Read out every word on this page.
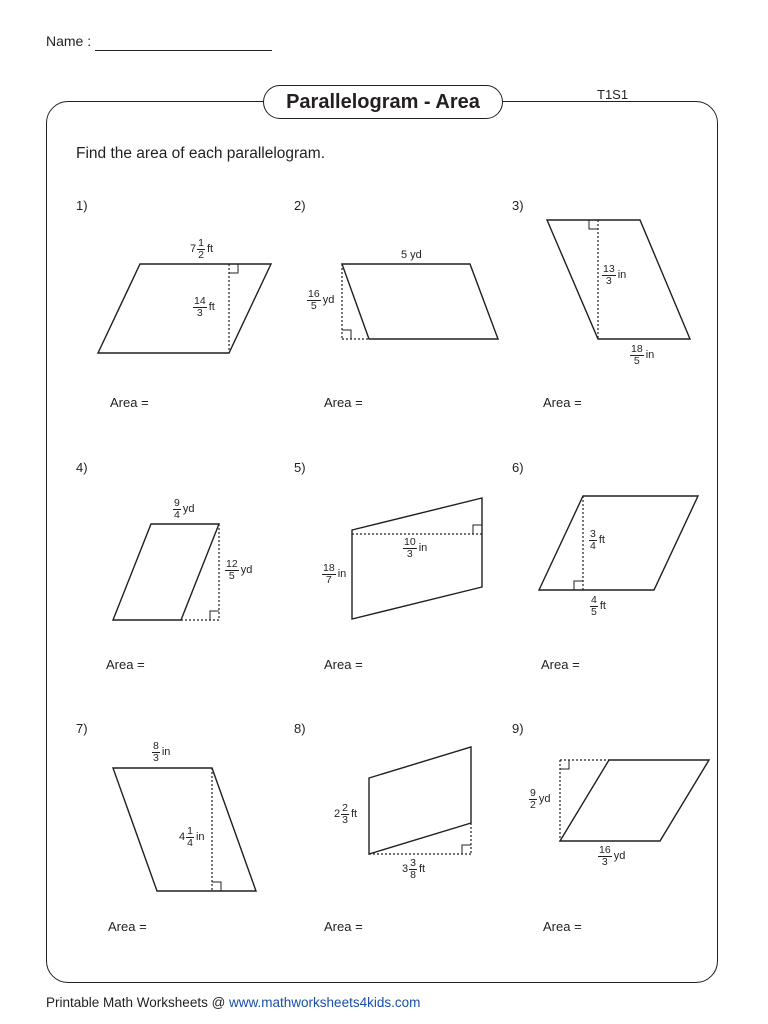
Name :
T1S1
Parallelogram - Area
Find the area of each parallelogram.
1)
$7 \frac{1}{2}$ ft
$\frac{14}{3}$ ft
Area =
2)
5 yd
$\frac{16}{5}$ yd
Area =
3)
$\frac{13}{3}$ in
$\frac{18}{5}$ in
Area =
4)
$\frac{9}{4}$ yd
$\frac{12}{5}$ yd
Area =
5)
$\frac{10}{3}$ in
$\frac{18}{7}$ in
Area =
6)
$\frac{3}{4}$ ft
$\frac{4}{5}$ ft
Area =
7)
$\frac{8}{3}$ in
$4 \frac{1}{4}$ in
Area =
8)
$2 \frac{2}{3}$ ft
$3 \frac{3}{8}$ ft
Area =
9)
$\frac{9}{2}$ yd
$\frac{16}{3}$ yd
Area =
Printable Math Worksheets @ www.mathworksheets4kids.com
